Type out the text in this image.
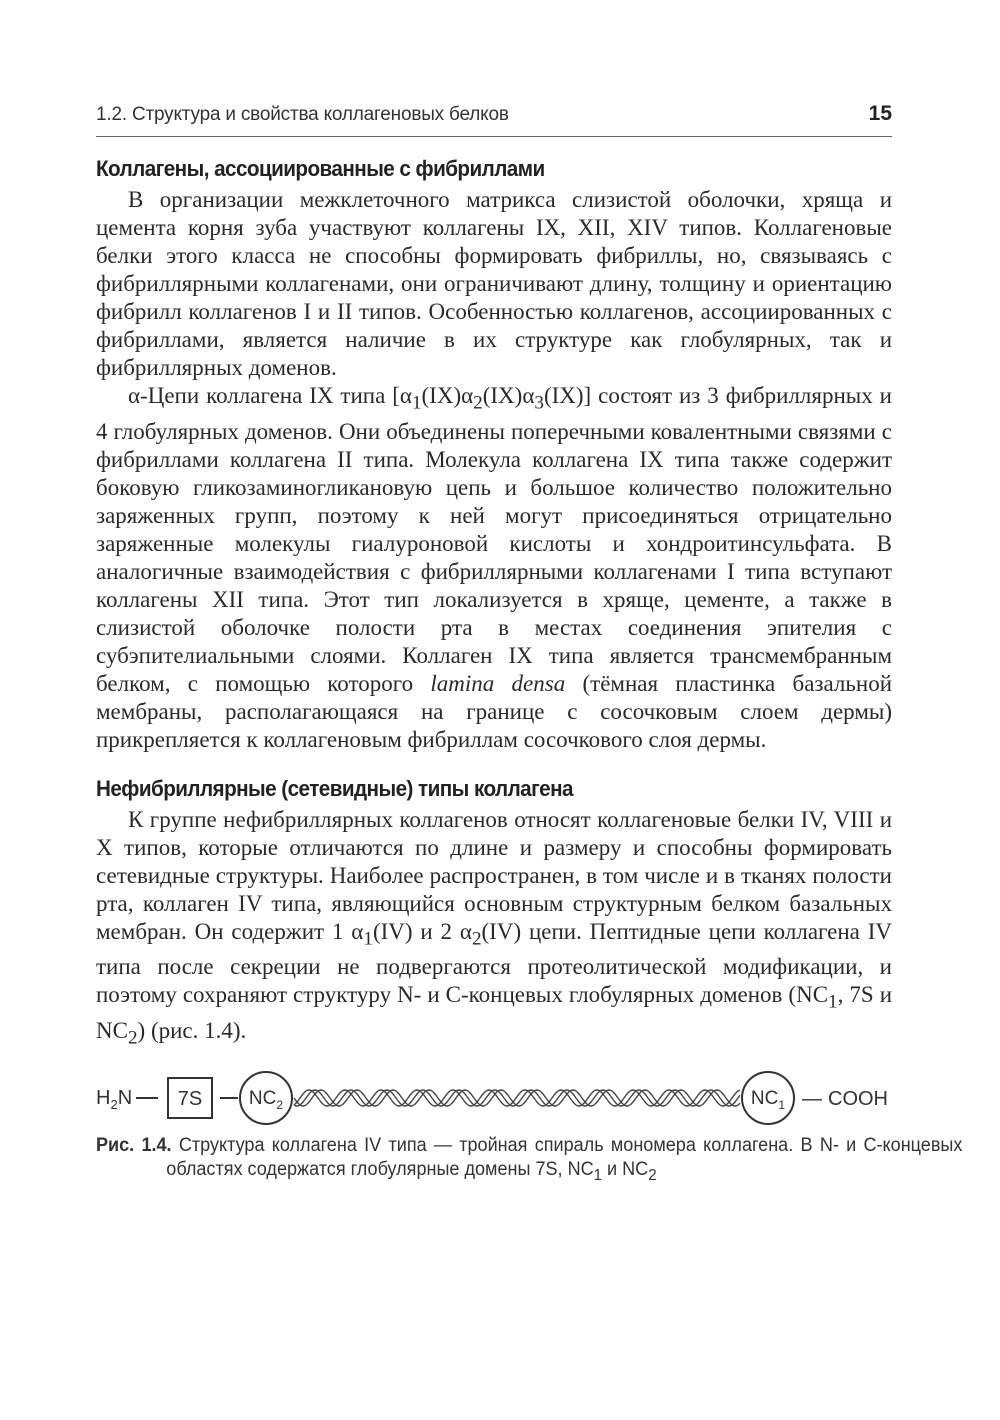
1.2. Структура и свойства коллагеновых белков	15
Коллагены, ассоциированные с фибриллами

В организации межклеточного матрикса слизистой оболочки, хряща и цемента корня зуба участвуют коллагены IX, XII, XIV типов. Коллагеновые белки этого класса не способны формировать фибриллы, но, связываясь с фибриллярными коллагенами, они ограничивают длину, толщину и ориентацию фибрилл коллагенов I и II типов. Особенностью коллагенов, ассоциированных с фибриллами, является наличие в их структуре как глобулярных, так и фибриллярных доменов.

α-Цепи коллагена IX типа $[\alpha_1(IX)\alpha_2(IX)\alpha_3(IX)]$ состоят из 3 фибриллярных и 4 глобулярных доменов. Они объединены поперечными ковалентными связями с фибриллами коллагена II типа. Молекула коллагена IX типа также содержит боковую гликозаминогликановую цепь и большое количество положительно заряженных групп, поэтому к ней могут присоединяться отрицательно заряженные молекулы гиалуроновой кислоты и хондроитинсульфата. В аналогичные взаимодействия с фибриллярными коллагенами I типа вступают коллагены XII типа. Этот тип локализуется в хряще, цементе, а также в слизистой оболочке полости рта в местах соединения эпителия с субэпителиальными слоями. Коллаген IX типа является трансмембранным белком, с помощью которого lamina densa (тёмная пластинка базальной мембраны, располагающаяся на границе с сосочковым слоем дермы) прикрепляется к коллагеновым фибриллам сосочкового слоя дермы.

Нефибриллярные (сетевидные) типы коллагена

К группе нефибриллярных коллагенов относят коллагеновые белки IV, VIII и X типов, которые отличаются по длине и размеру и способны формировать сетевидные структуры. Наиболее распространен, в том числе и в тканях полости рта, коллаген IV типа, являющийся основным структурным белком базальных мембран. Он содержит 1 $\alpha_1(IV)$ и 2 $\alpha_2(IV)$ цепи. Пептидные цепи коллагена IV типа после секреции не подвергаются протеолитической модификации, и поэтому сохраняют структуру N- и C-концевых глобулярных доменов ($NC_1$, 7S и $NC_2$) (рис. 1.4).

$H_2N$ 7S $NC_2$	$NC_1$ — COOH

Рис. 1.4. Структура коллагена IV типа — тройная спираль мономера коллагена. В N- и C-концевых областях содержатся глобулярные домены 7S, $NC_1$ и $NC_2$
